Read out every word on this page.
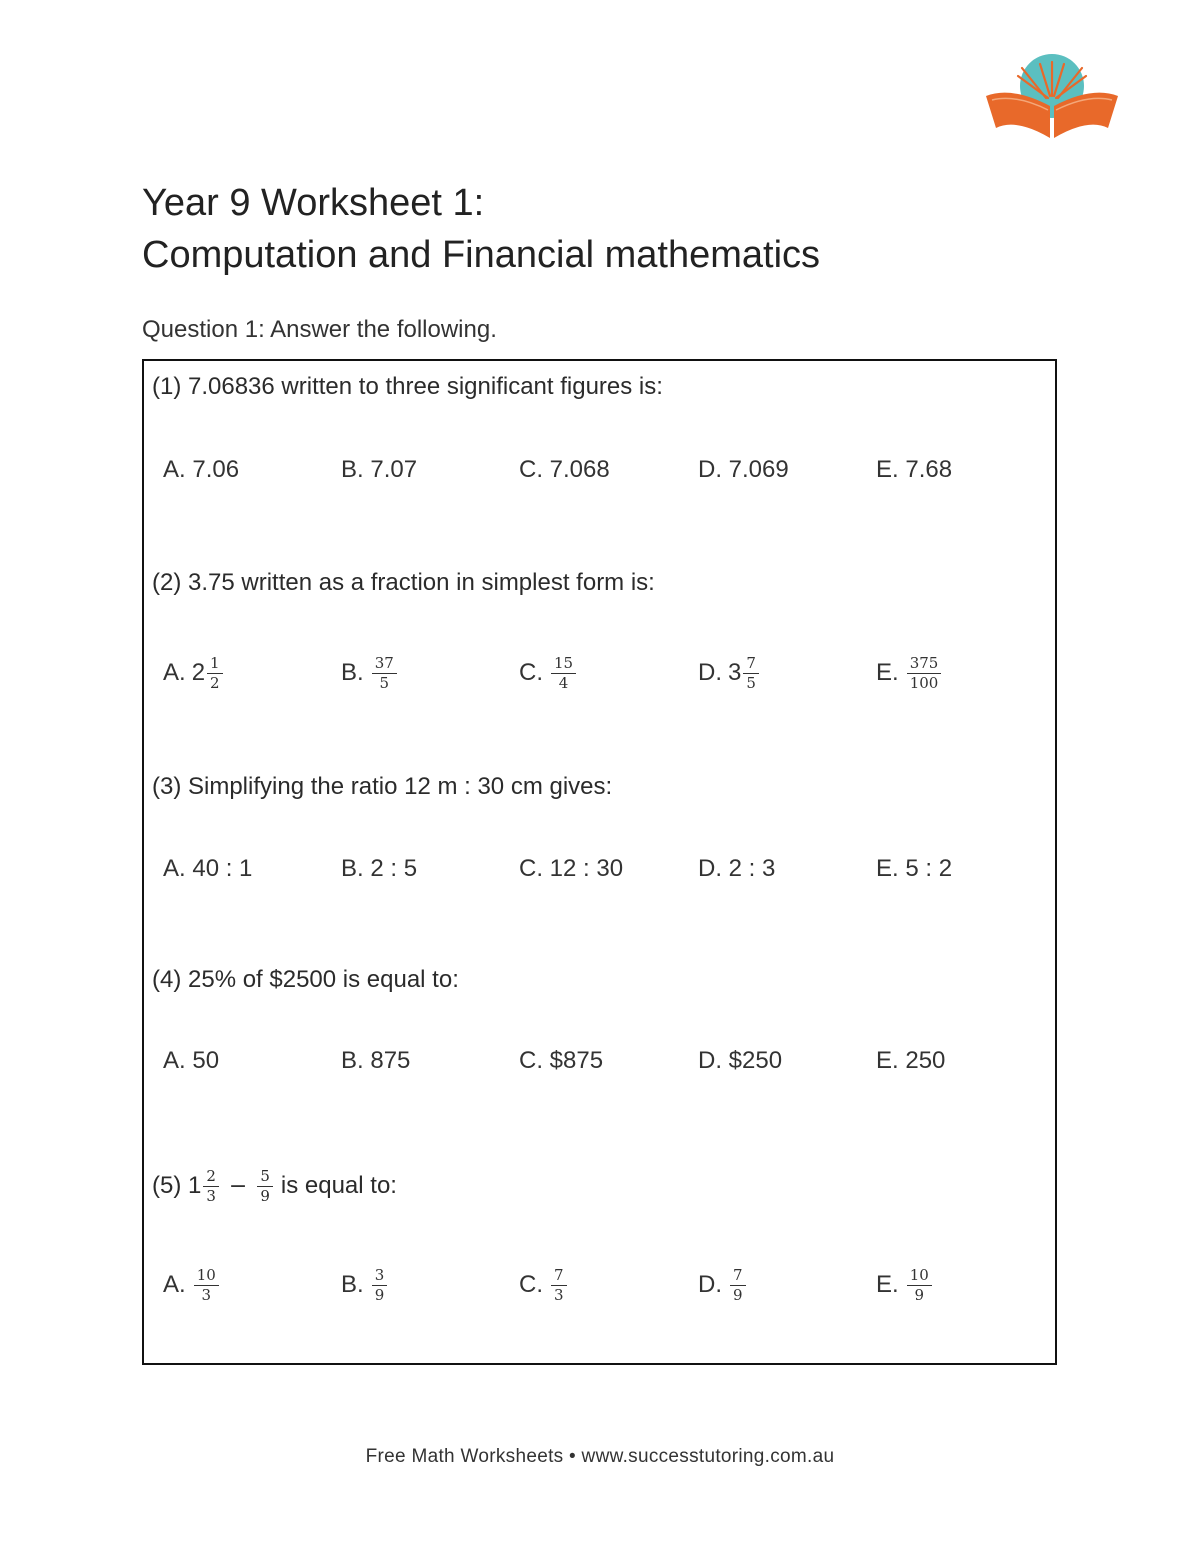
Year 9 Worksheet 1:
Computation and Financial mathematics
Question 1: Answer the following.
(1) 7.06836 written to three significant figures is:
A. 7.06	B. 7.07	C. 7.068	D. 7.069	E. 7.68
(2) 3.75 written as a fraction in simplest form is:
A. $2 \frac{1}{2}$	B. $\frac{37}{5}$	C. $\frac{15}{4}$	D. $3 \frac{7}{5}$	E. $\frac{375}{100}$
(3) Simplifying the ratio 12 m : 30 cm gives:
A. 40 : 1	B. 2 : 5	C. 12 : 30	D. 2 : 3	E. 5 : 2
(4) 25% of $2500 is equal to:
A. 50	B. 875	C. $875	D. $250	E. 250
(5) $1 \frac{2}{3} - \frac{5}{9}$ is equal to:
A. $\frac{10}{3}$	B. $\frac{3}{9}$	C. $\frac{7}{3}$	D. $\frac{7}{9}$	E. $\frac{10}{9}$
Free Math Worksheets • www.successtutoring.com.au
